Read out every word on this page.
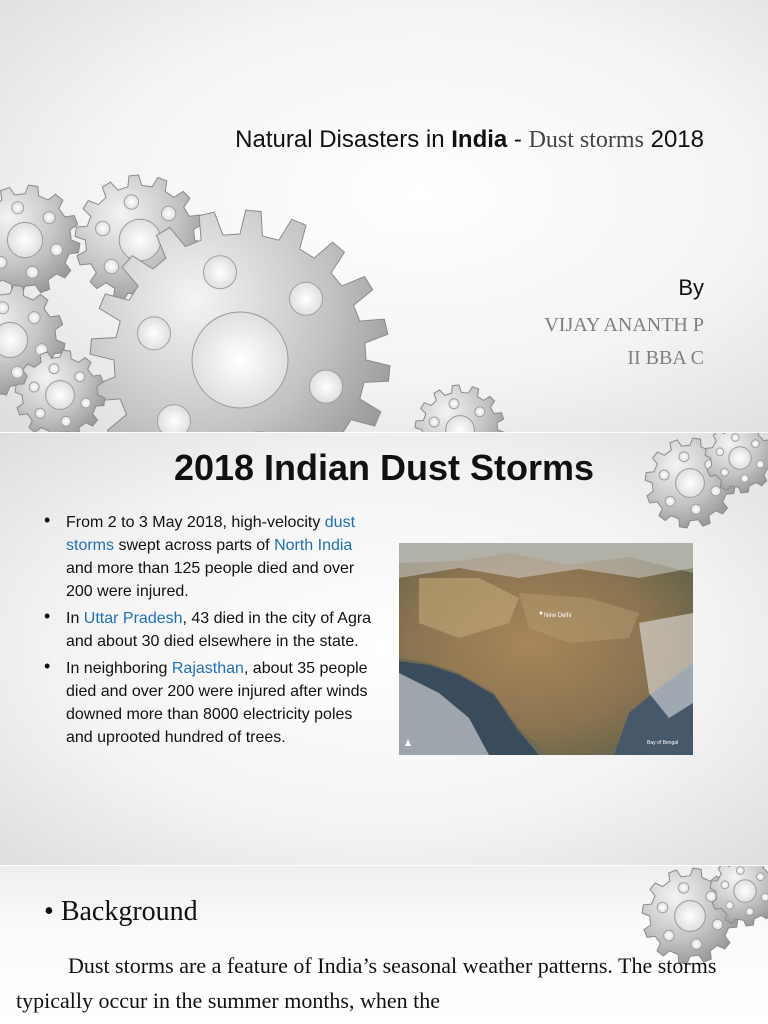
Natural Disasters in India - Dust storms 2018
By
VIJAY ANANTH P
II BBA C
2018 Indian Dust Storms
• From 2 to 3 May 2018, high-velocity dust storms swept across parts of North India and more than 125 people died and over 200 were injured.
• In Uttar Pradesh, 43 died in the city of Agra and about 30 died elsewhere in the state.
• In neighboring Rajasthan, about 35 people died and over 200 were injured after winds downed more than 8000 electricity poles and uprooted hundred of trees.
New Delhi
Bay of Bengal
• Background
Dust storms are a feature of India’s seasonal weather patterns. The storms typically occur in the summer months, when the
